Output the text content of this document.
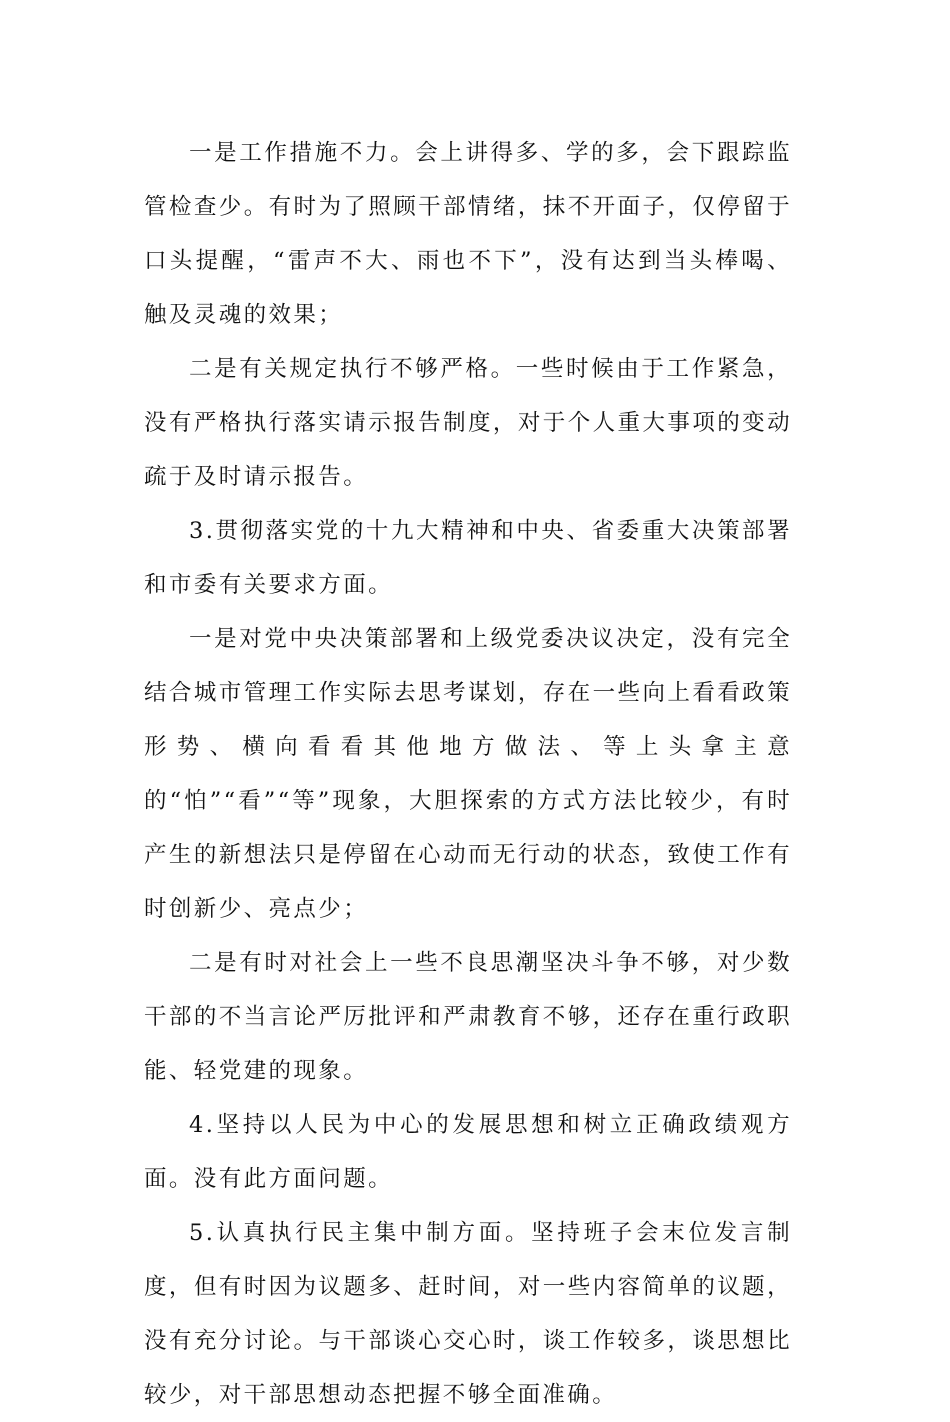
一是工作措施不力。会上讲得多、学的多，会下跟踪监管检查少。有时为了照顾干部情绪，抹不开面子，仅停留于口头提醒，“雷声不大、雨也不下”，没有达到当头棒喝、触及灵魂的效果；

二是有关规定执行不够严格。一些时候由于工作紧急，没有严格执行落实请示报告制度，对于个人重大事项的变动疏于及时请示报告。

3.贯彻落实党的十九大精神和中央、省委重大决策部署和市委有关要求方面。

一是对党中央决策部署和上级党委决议决定，没有完全结合城市管理工作实际去思考谋划，存在一些向上看看政策形势、横向看看其他地方做法、等上头拿主意的“怕”“看”“等”现象，大胆探索的方式方法比较少，有时产生的新想法只是停留在心动而无行动的状态，致使工作有时创新少、亮点少；

二是有时对社会上一些不良思潮坚决斗争不够，对少数干部的不当言论严厉批评和严肃教育不够，还存在重行政职能、轻党建的现象。

4.坚持以人民为中心的发展思想和树立正确政绩观方面。没有此方面问题。

5.认真执行民主集中制方面。坚持班子会末位发言制度，但有时因为议题多、赶时间，对一些内容简单的议题，没有充分讨论。与干部谈心交心时，谈工作较多，谈思想比较少，对干部思想动态把握不够全面准确。
